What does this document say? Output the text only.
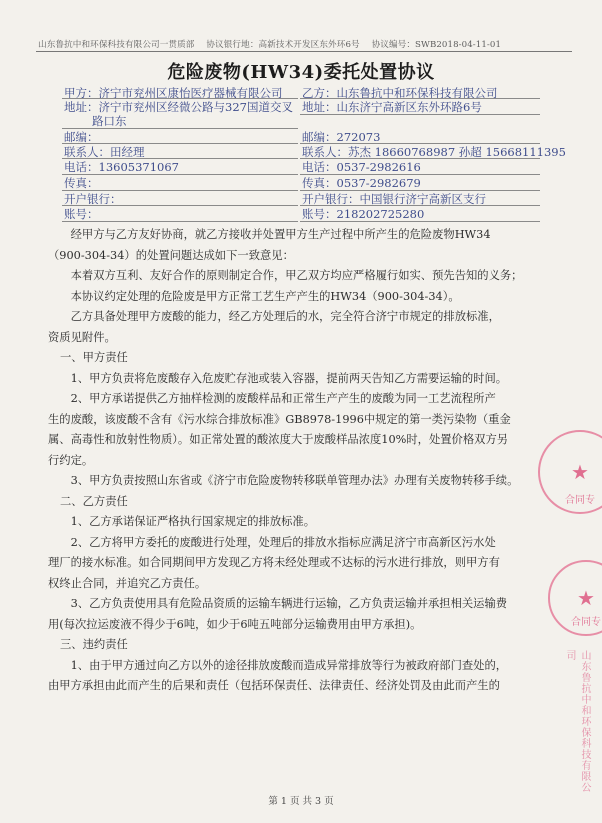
山东鲁抗中和环保科技有限公司一贯质部 协议银行地：高新技术开发区东外环6号 协议编号：SWB2018-04-11-01
危险废物(HW34)委托处置协议
甲方：济宁市兖州区康怡医疗器械有限公司
地址：济宁市兖州区经微公路与327国道交叉
路口东
邮编：
联系人：田经理
电话：13605371067
传真：
开户银行：
账号：
乙方：山东鲁抗中和环保科技有限公司
地址：山东济宁高新区东外环路6号
邮编：272073
联系人：苏杰 18660768987 孙超 15668111395
电话：0537-2982616
传真：0537-2982679
开户银行：中国银行济宁高新区支行
账号：218202725280

经甲方与乙方友好协商，就乙方接收并处置甲方生产过程中所产生的危险废物HW34

（900-304-34）的处置问题达成如下一致意见：

本着双方互利、友好合作的原则制定合作，甲乙双方均应严格履行如实、预先告知的义务；

本协议约定处理的危险废是甲方正常工艺生产产生的HW34（900-304-34）。

乙方具备处理甲方废酸的能力，经乙方处理后的水，完全符合济宁市规定的排放标准，

资质见附件。

一、甲方责任

1、甲方负责将危废酸存入危废贮存池或装入容器，提前两天告知乙方需要运输的时间。

2、甲方承诺提供乙方抽样检测的废酸样品和正常生产产生的废酸为同一工艺流程所产

生的废酸，该废酸不含有《污水综合排放标准》GB8978-1996中规定的第一类污染物（重金

属、高毒性和放射性物质）。如正常处置的酸浓度大于废酸样品浓度10%时，处置价格双方另

行约定。

3、甲方负责按照山东省或《济宁市危险废物转移联单管理办法》办理有关废物转移手续。

二、乙方责任

1、乙方承诺保证严格执行国家规定的排放标准。

2、乙方将甲方委托的废酸进行处理，处理后的排放水指标应满足济宁市高新区污水处

理厂的接水标准。如合同期间甲方发现乙方将未经处理或不达标的污水进行排放，则甲方有

权终止合同，并追究乙方责任。

3、乙方负责使用具有危险品资质的运输车辆进行运输，乙方负责运输并承担相关运输费

用(每次拉运废液不得少于6吨，如少于6吨五吨部分运输费用由甲方承担)。

三、违约责任

1、由于甲方通过向乙方以外的途径排放废酸而造成异常排放等行为被政府部门查处的，

由甲方承担由此而产生的后果和责任（包括环保责任、法律责任、经济处罚及由此而产生的

★
合同专
★
合同专
山东鲁抗中和环保科技有限公司
第 1 页 共 3 页
